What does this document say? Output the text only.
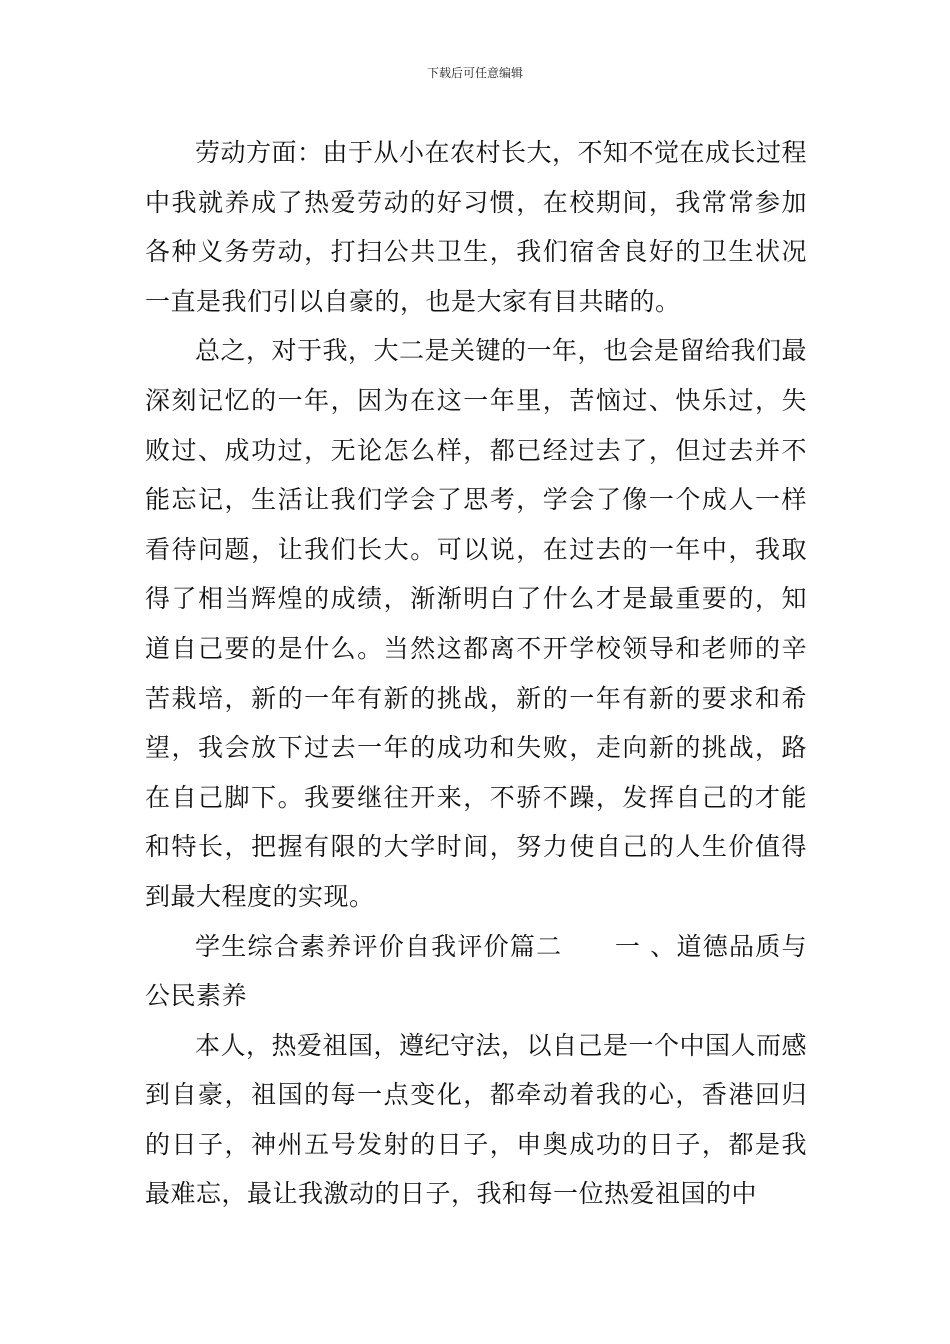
下载后可任意编辑

劳动方面：由于从小在农村长大，不知不觉在成长过程中我就养成了热爱劳动的好习惯，在校期间，我常常参加各种义务劳动，打扫公共卫生，我们宿舍良好的卫生状况一直是我们引以自豪的，也是大家有目共睹的。

总之，对于我，大二是关键的一年，也会是留给我们最深刻记忆的一年，因为在这一年里，苦恼过、快乐过，失败过、成功过，无论怎么样，都已经过去了，但过去并不能忘记，生活让我们学会了思考，学会了像一个成人一样看待问题，让我们长大。可以说，在过去的一年中，我取得了相当辉煌的成绩，渐渐明白了什么才是最重要的，知道自己要的是什么。当然这都离不开学校领导和老师的辛苦栽培，新的一年有新的挑战，新的一年有新的要求和希望，我会放下过去一年的成功和失败，走向新的挑战，路在自己脚下。我要继往开来，不骄不躁，发挥自己的才能和特长，把握有限的大学时间，努力使自己的人生价值得到最大程度的实现。

学生综合素养评价自我评价篇二　　一 、道德品质与公民素养

本人，热爱祖国，遵纪守法，以自己是一个中国人而感到自豪，祖国的每一点变化，都牵动着我的心，香港回归的日子，神州五号发射的日子，申奥成功的日子，都是我最难忘，最让我激动的日子，我和每一位热爱祖国的中
